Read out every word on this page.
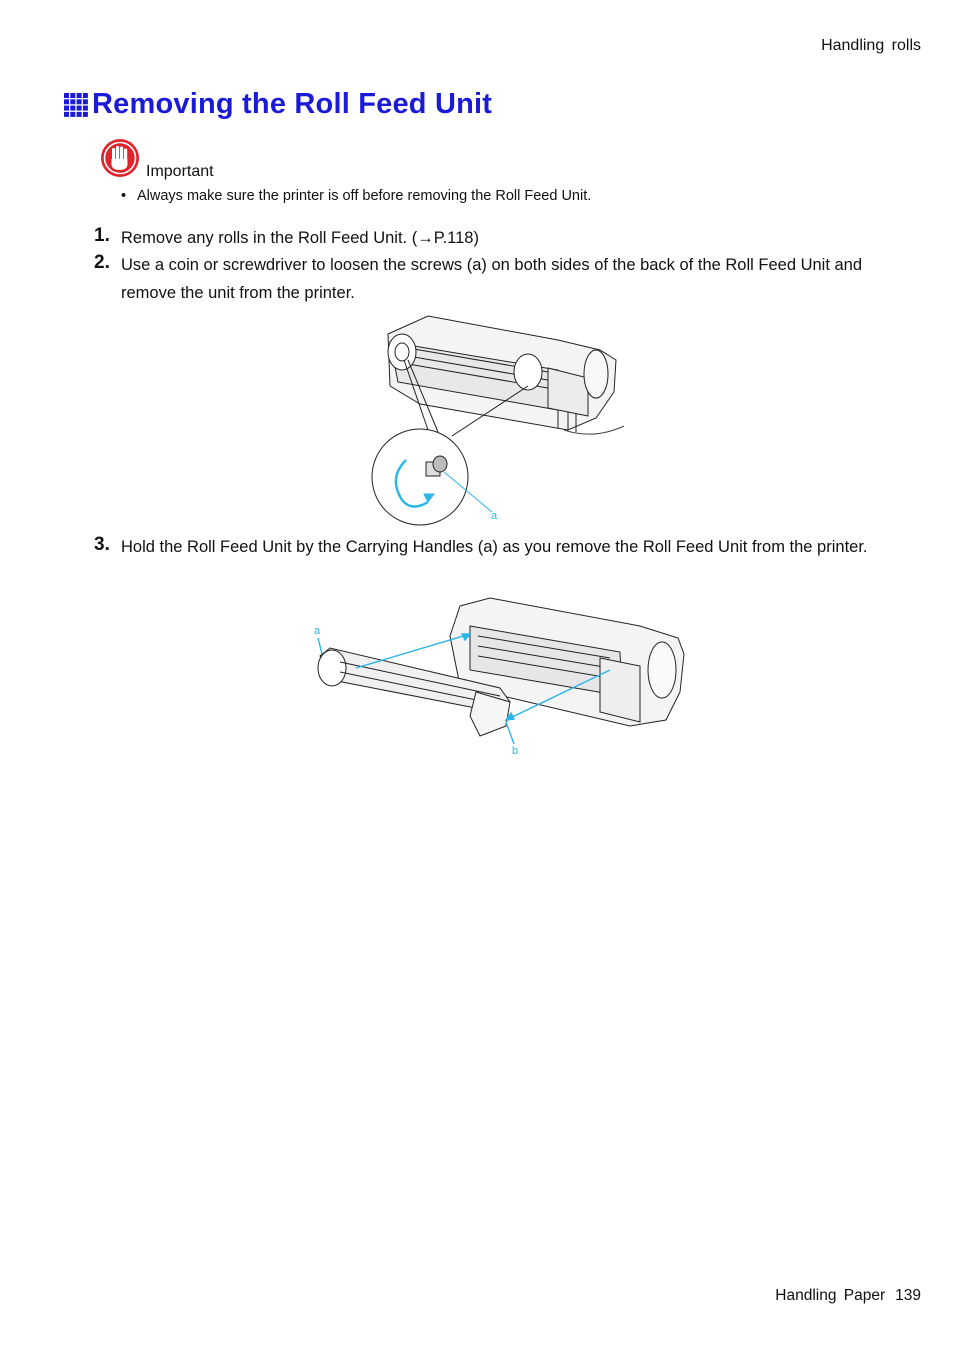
Handling rolls
Removing the Roll Feed Unit
Important
• Always make sure the printer is off before removing the Roll Feed Unit.
1. Remove any rolls in the Roll Feed Unit. (→P.118)
2. Use a coin or screwdriver to loosen the screws (a) on both sides of the back of the Roll Feed Unit and remove the unit from the printer.
a
3. Hold the Roll Feed Unit by the Carrying Handles (a) as you remove the Roll Feed Unit from the printer.
a
b
Handling Paper 139
